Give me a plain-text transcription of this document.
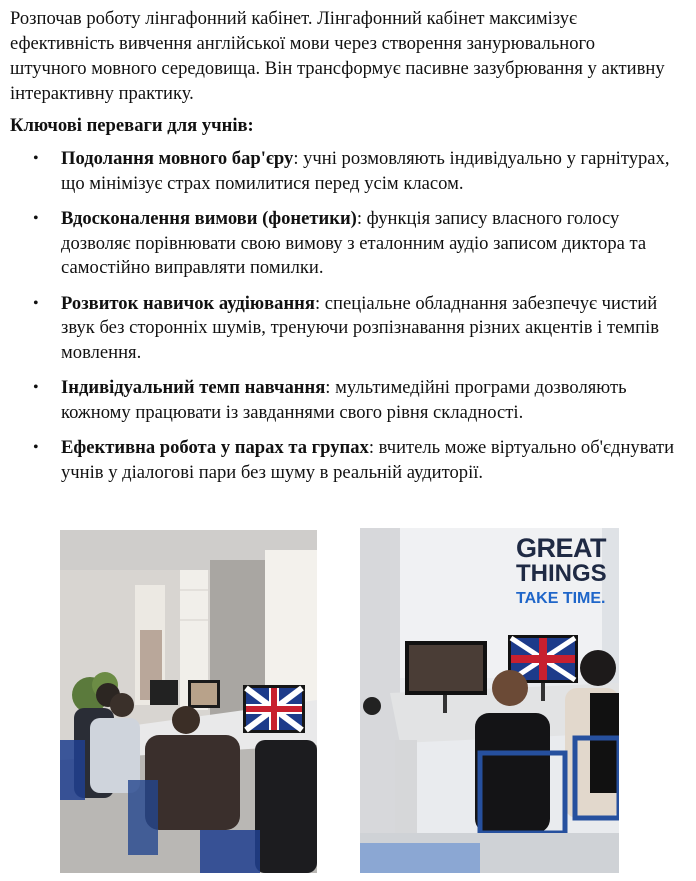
Розпочав роботу лінгафонний кабінет. Лінгафонний кабінет максимізує ефективність вивчення англійської мови через створення занурювального штучного мовного середовища. Він трансформує пасивне зазубрювання у активну інтерактивну практику.

Ключові переваги для учнів:

• Подолання мовного бар'єру: учні розмовляють індивідуально у гарнітурах, що мінімізує страх помилитися перед усім класом.
• Вдосконалення вимови (фонетики): функція запису власного голосу дозволяє порівнювати свою вимову з еталонним аудіо записом диктора та самостійно виправляти помилки.
• Розвиток навичок аудіювання: спеціальне обладнання забезпечує чистий звук без сторонніх шумів, тренуючи розпізнавання різних акцентів і темпів мовлення.
• Індивідуальний темп навчання: мультимедійні програми дозволяють кожному працювати із завданнями свого рівня складності.
• Ефективна робота у парах та групах: вчитель може віртуально об'єднувати учнів у діалогові пари без шуму в реальній аудиторії.
GREAT
THINGS
TAKE TIME.
